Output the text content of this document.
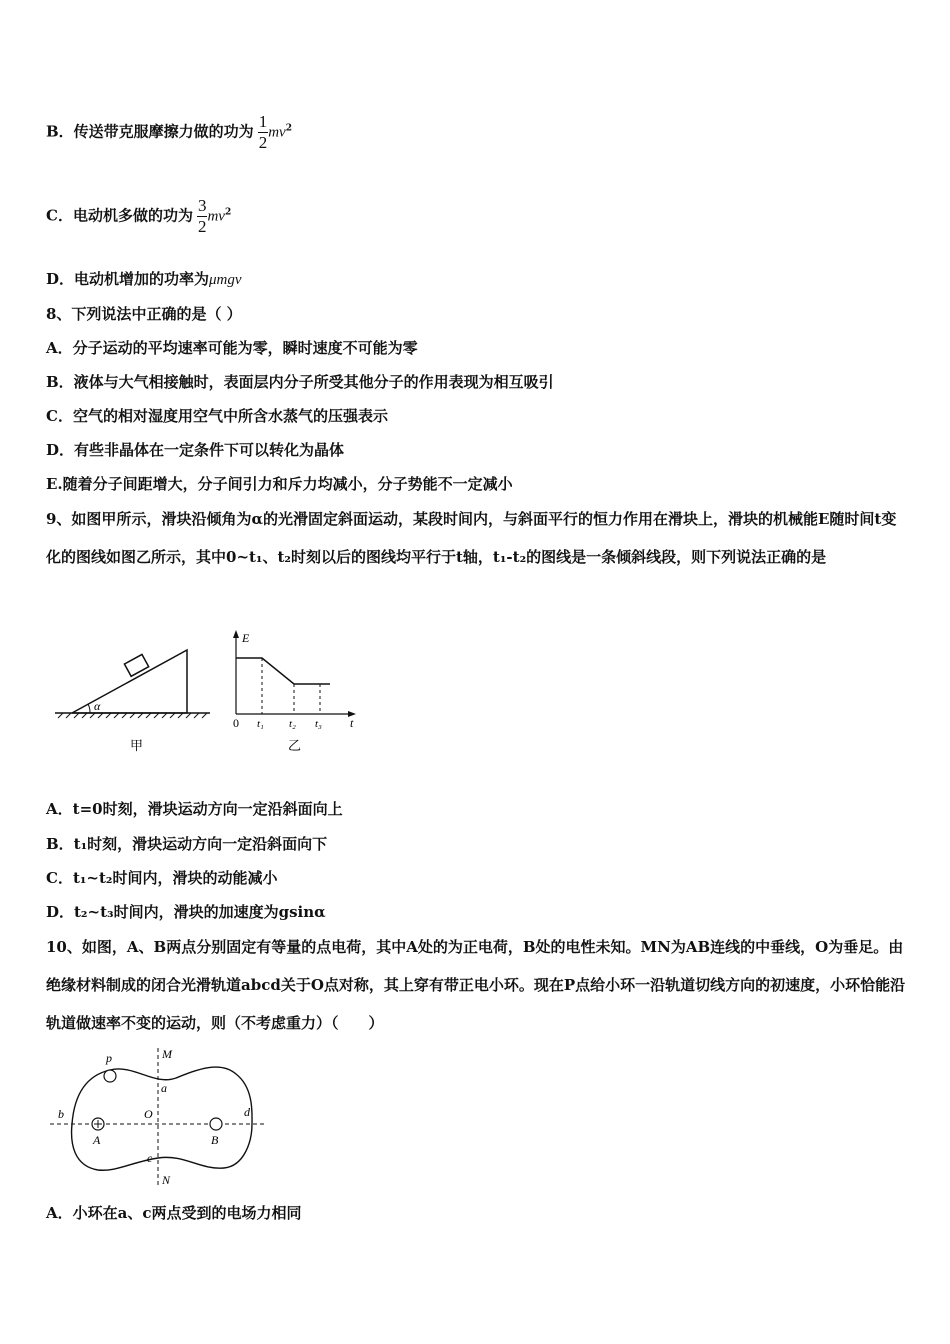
B．传送带克服摩擦力做的功为 $\frac{1}{2} mv^2$
C．电动机多做的功为 $\frac{3}{2} mv^2$
D．电动机增加的功率为μmgv
8、下列说法中正确的是（ ）
A．分子运动的平均速率可能为零，瞬时速度不可能为零
B．液体与大气相接触时，表面层内分子所受其他分子的作用表现为相互吸引
C．空气的相对湿度用空气中所含水蒸气的压强表示
D．有些非晶体在一定条件下可以转化为晶体
E.随着分子间距增大，分子间引力和斥力均减小，分子势能不一定减小
9、如图甲所示，滑块沿倾角为α的光滑固定斜面运动，某段时间内，与斜面平行的恒力作用在滑块上，滑块的机械能E随时间t变化的图线如图乙所示，其中0~t₁、t₂时刻以后的图线均平行于t轴，t₁-t₂的图线是一条倾斜线段，则下列说法正确的是
α
甲
E
t
0 t₁ t₂ t₃
乙
A．t=0时刻，滑块运动方向一定沿斜面向上
B．t₁时刻，滑块运动方向一定沿斜面向下
C．t₁~t₂时间内，滑块的动能减小
D．t₂~t₃时间内，滑块的加速度为gsinα
10、如图，A、B两点分别固定有等量的点电荷，其中A处的为正电荷，B处的电性未知。MN为AB连线的中垂线，O为垂足。由绝缘材料制成的闭合光滑轨道abcd关于O点对称，其上穿有带正电小环。现在P点给小环一沿轨道切线方向的初速度，小环恰能沿轨道做速率不变的运动，则（不考虑重力）（　　）
p	M
a
b	O	d
A	B
c
N
A．小环在a、c两点受到的电场力相同
